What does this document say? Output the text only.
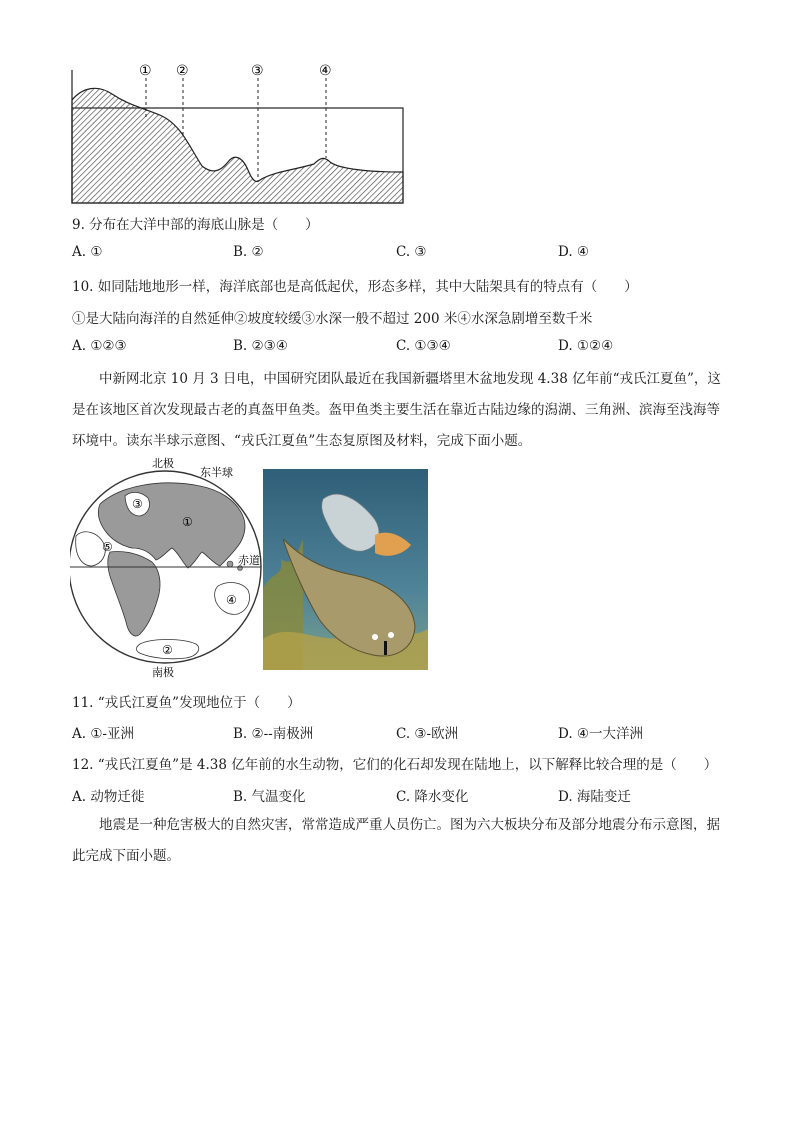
① ②	③	④
9. 分布在大洋中部的海底山脉是（　　）
A. ①	B. ②	C. ③	D. ④
10. 如同陆地地形一样，海洋底部也是高低起伏，形态多样，其中大陆架具有的特点有（　　）
①是大陆向海洋的自然延伸②坡度较缓③水深一般不超过 200 米④水深急剧增至数千米
A. ①②③	B. ②③④	C. ①③④	D. ①②④
中新网北京 10 月 3 日电，中国研究团队最近在我国新疆塔里木盆地发现 4.38 亿年前“戎氏江夏鱼”，这是在该地区首次发现最古老的真盔甲鱼类。盔甲鱼类主要生活在靠近古陆边缘的潟湖、三角洲、滨海至浅海等环境中。读东半球示意图、“戎氏江夏鱼”生态复原图及材料，完成下面小题。
北极
东半球
赤道
南极
①
②
③
④
⑤
11. “戎氏江夏鱼”发现地位于（　　）
A. ①-亚洲	B. ②--南极洲	C. ③-欧洲	D. ④一大洋洲
12. “戎氏江夏鱼”是 4.38 亿年前的水生动物，它们的化石却发现在陆地上，以下解释比较合理的是（　　）
A. 动物迁徙	B. 气温变化	C. 降水变化	D. 海陆变迁
地震是一种危害极大的自然灾害，常常造成严重人员伤亡。图为六大板块分布及部分地震分布示意图，据此完成下面小题。
